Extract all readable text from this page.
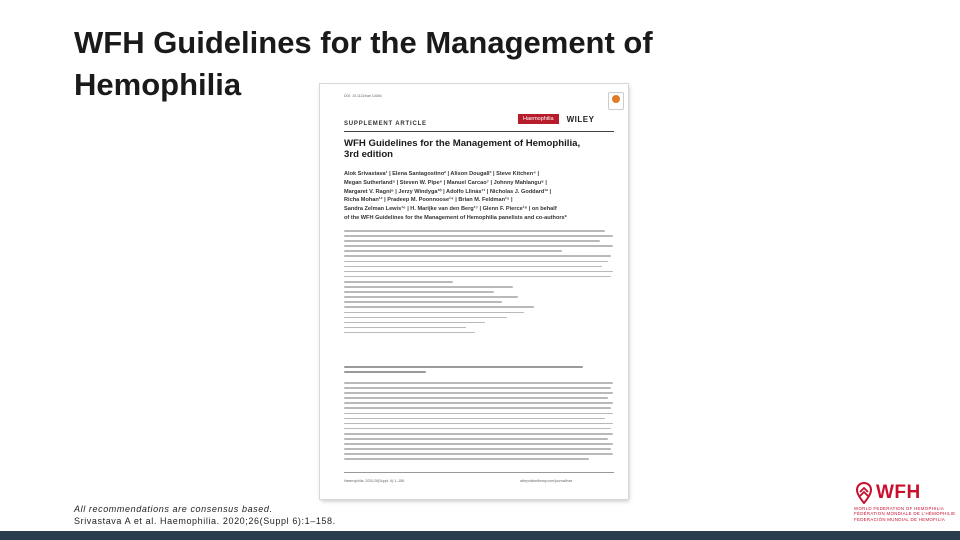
WFH Guidelines for the Management of
Hemophilia	DOI: 10.1111/hae.14046
SUPPLEMENT ARTICLE
Haemophilia	WILEY
WFH Guidelines for the Management of Hemophilia,
3rd edition
Alok Srivastava¹ | Elena Santagostino² | Alison Dougall³ | Steve Kitchen⁴ |
Megan Sutherland⁵ | Steven W. Pipe⁶ | Manuel Carcao⁷ | Johnny Mahlangu⁸ |
Margaret V. Ragni⁹ | Jerzy Windyga¹⁰ | Adolfo Llinás¹¹ | Nicholas J. Goddard¹² |
Richa Mohan¹³ | Pradeep M. Poonnoose¹⁴ | Brian M. Feldman¹⁵ |
Sandra Zelman Lewis¹⁶ | H. Marijke van den Berg¹⁷ | Glenn F. Pierce¹⁸ | on behalf
of the WFH Guidelines for the Management of Hemophilia panelists and co-authors*
Haemophilia. 2020;26(Suppl. 6):1–158.	wileyonlinelibrary.com/journal/hae
All recommendations are consensus based.
Srivastava A et al. Haemophilia. 2020;26(Suppl 6):1–158.
WFH
WORLD FEDERATION OF HEMOPHILIA
FÉDÉRATION MONDIALE DE L'HÉMOPHILIE
FEDERACIÓN MUNDIAL DE HEMOFILIA
